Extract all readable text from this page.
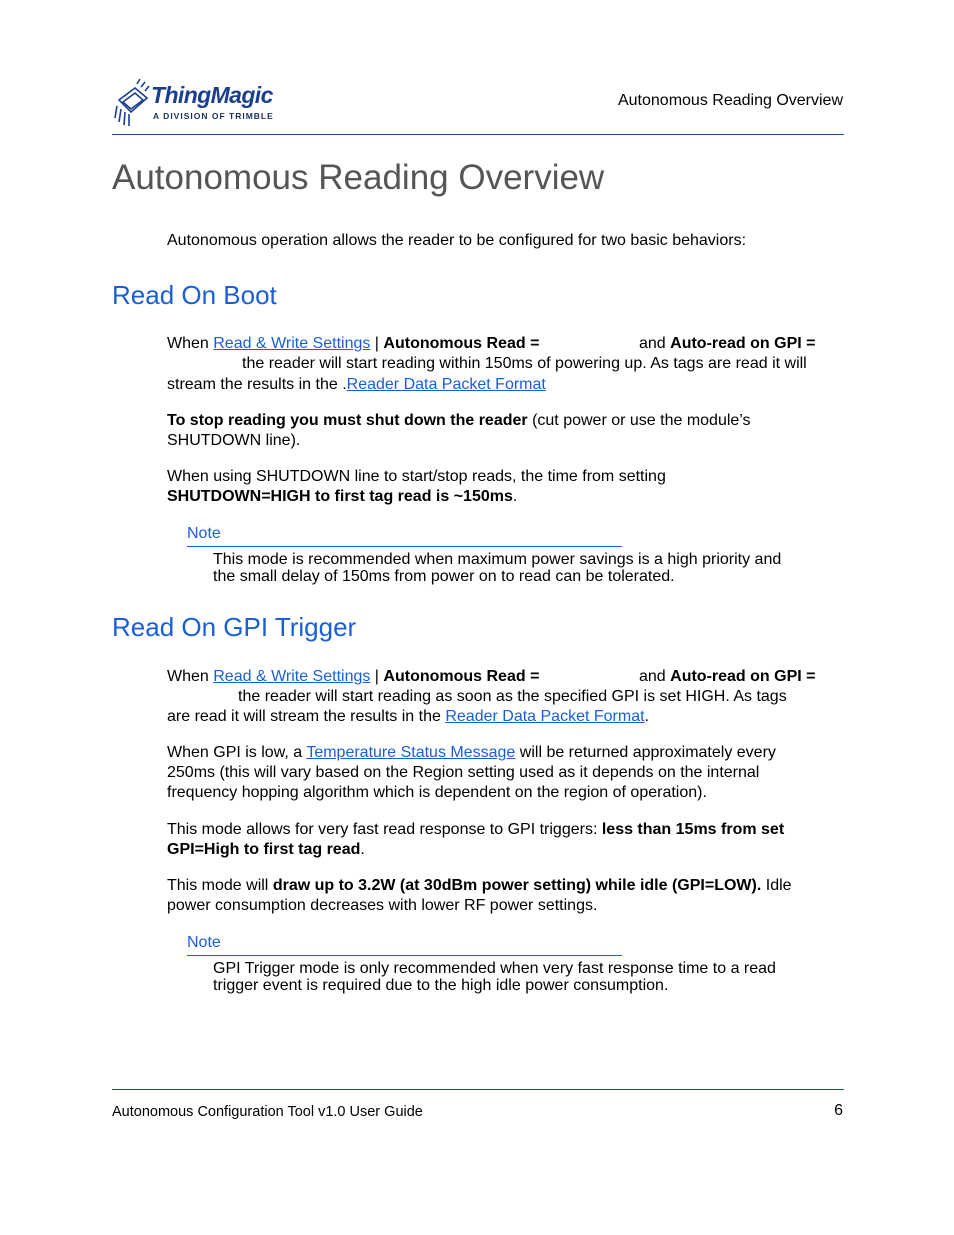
ThingMagic
A DIVISION OF TRIMBLE
Autonomous Reading Overview
Autonomous Reading Overview
Autonomous operation allows the reader to be configured for two basic behaviors:
Read On Boot
When Read & Write Settings | Autonomous Read =	and Auto-read on GPI =
the reader will start reading within 150ms of powering up. As tags are read it will
stream the results in the .Reader Data Packet Format
To stop reading you must shut down the reader (cut power or use the module’s
SHUTDOWN line).
When using SHUTDOWN line to start/stop reads, the time from setting
SHUTDOWN=HIGH to first tag read is ~150ms.
Note
This mode is recommended when maximum power savings is a high priority and
the small delay of 150ms from power on to read can be tolerated.
Read On GPI Trigger
When Read & Write Settings | Autonomous Read =	and Auto-read on GPI =
the reader will start reading as soon as the specified GPI is set HIGH. As tags
are read it will stream the results in the Reader Data Packet Format.
When GPI is low, a Temperature Status Message will be returned approximately every
250ms (this will vary based on the Region setting used as it depends on the internal
frequency hopping algorithm which is dependent on the region of operation).
This mode allows for very fast read response to GPI triggers: less than 15ms from set
GPI=High to first tag read.
This mode will draw up to 3.2W (at 30dBm power setting) while idle (GPI=LOW). Idle
power consumption decreases with lower RF power settings.
Note
GPI Trigger mode is only recommended when very fast response time to a read
trigger event is required due to the high idle power consumption.
Autonomous Configuration Tool v1.0 User Guide	6
